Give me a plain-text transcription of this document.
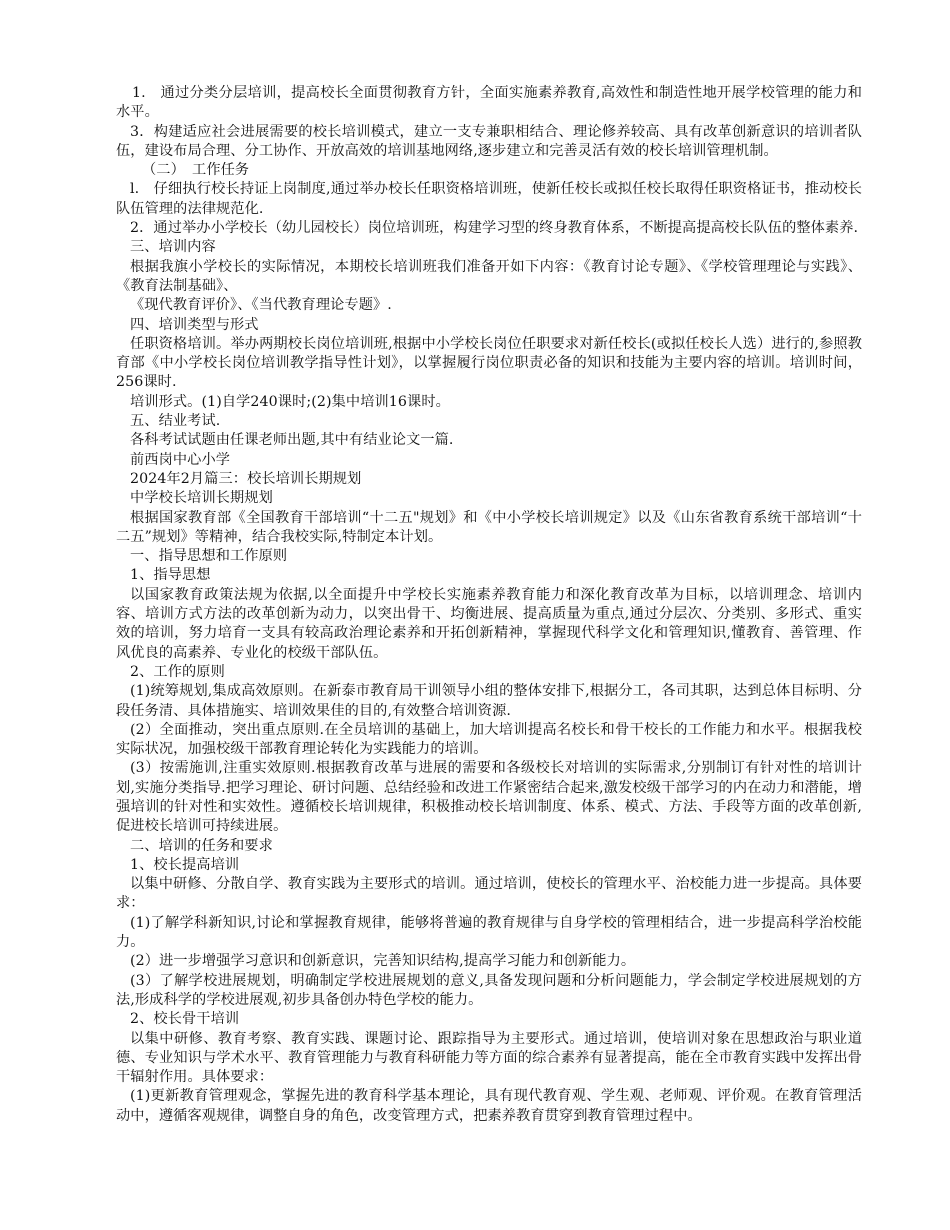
1.　通过分类分层培训，提高校长全面贯彻教育方针，全面实施素养教育,高效性和制造性地开展学校管理的能力和水平。

3．构建适应社会进展需要的校长培训模式，建立一支专兼职相结合、理论修养较高、具有改革创新意识的培训者队伍，建设布局合理、分工协作、开放高效的培训基地网络,逐步建立和完善灵活有效的校长培训管理机制。

（二）　工作任务

l.　仔细执行校长持证上岗制度,通过举办校长任职资格培训班，使新任校长或拟任校长取得任职资格证书，推动校长队伍管理的法律规范化.

2．通过举办小学校长（幼儿园校长）岗位培训班，构建学习型的终身教育体系，不断提高提高校长队伍的整体素养.

三、培训内容

根据我旗小学校长的实际情况，本期校长培训班我们准备开如下内容：《教育讨论专题》、《学校管理理论与实践》、《教育法制基础》、

《现代教育评价》、《当代教育理论专题》.

四、培训类型与形式

任职资格培训。举办两期校长岗位培训班,根据中小学校长岗位任职要求对新任校长(或拟任校长人选）进行的,参照教育部《中小学校长岗位培训教学指导性计划》，以掌握履行岗位职责必备的知识和技能为主要内容的培训。培训时间，256课时.

培训形式。(1)自学240课时;(2)集中培训16课时。

五、结业考试.

各科考试试题由任课老师出题,其中有结业论文一篇.

前西岗中心小学

2024年2月篇三：校长培训长期规划

中学校长培训长期规划

根据国家教育部《全国教育干部培训“十二五"规划》和《中小学校长培训规定》以及《山东省教育系统干部培训“十二五”规划》等精神，结合我校实际,特制定本计划。

一、指导思想和工作原则

1、指导思想

以国家教育政策法规为依据,以全面提升中学校长实施素养教育能力和深化教育改革为目标，以培训理念、培训内容、培训方式方法的改革创新为动力，以突出骨干、均衡进展、提高质量为重点,通过分层次、分类别、多形式、重实效的培训，努力培育一支具有较高政治理论素养和开拓创新精神，掌握现代科学文化和管理知识,懂教育、善管理、作风优良的高素养、专业化的校级干部队伍。

2、工作的原则

(1)统筹规划,集成高效原则。在新泰市教育局干训领导小组的整体安排下,根据分工，各司其职，达到总体目标明、分段任务清、具体措施实、培训效果佳的目的,有效整合培训资源.

(2）全面推动，突出重点原则.在全员培训的基础上，加大培训提高名校长和骨干校长的工作能力和水平。根据我校实际状况，加强校级干部教育理论转化为实践能力的培训。

(3）按需施训,注重实效原则.根据教育改革与进展的需要和各级校长对培训的实际需求,分别制订有针对性的培训计划,实施分类指导.把学习理论、研讨问题、总结经验和改进工作紧密结合起来,激发校级干部学习的内在动力和潜能，增强培训的针对性和实效性。遵循校长培训规律，积极推动校长培训制度、体系、模式、方法、手段等方面的改革创新,促进校长培训可持续进展。

二、培训的任务和要求

1、校长提高培训

以集中研修、分散自学、教育实践为主要形式的培训。通过培训，使校长的管理水平、治校能力进一步提高。具体要求：

(1)了解学科新知识,讨论和掌握教育规律，能够将普遍的教育规律与自身学校的管理相结合，进一步提高科学治校能力。

(2）进一步增强学习意识和创新意识，完善知识结构,提高学习能力和创新能力。

(3）了解学校进展规划，明确制定学校进展规划的意义,具备发现问题和分析问题能力，学会制定学校进展规划的方法,形成科学的学校进展观,初步具备创办特色学校的能力。

2、校长骨干培训

以集中研修、教育考察、教育实践、课题讨论、跟踪指导为主要形式。通过培训，使培训对象在思想政治与职业道德、专业知识与学术水平、教育管理能力与教育科研能力等方面的综合素养有显著提高，能在全市教育实践中发挥出骨干辐射作用。具体要求：

(1)更新教育管理观念，掌握先进的教育科学基本理论，具有现代教育观、学生观、老师观、评价观。在教育管理活动中，遵循客观规律，调整自身的角色，改变管理方式，把素养教育贯穿到教育管理过程中。
